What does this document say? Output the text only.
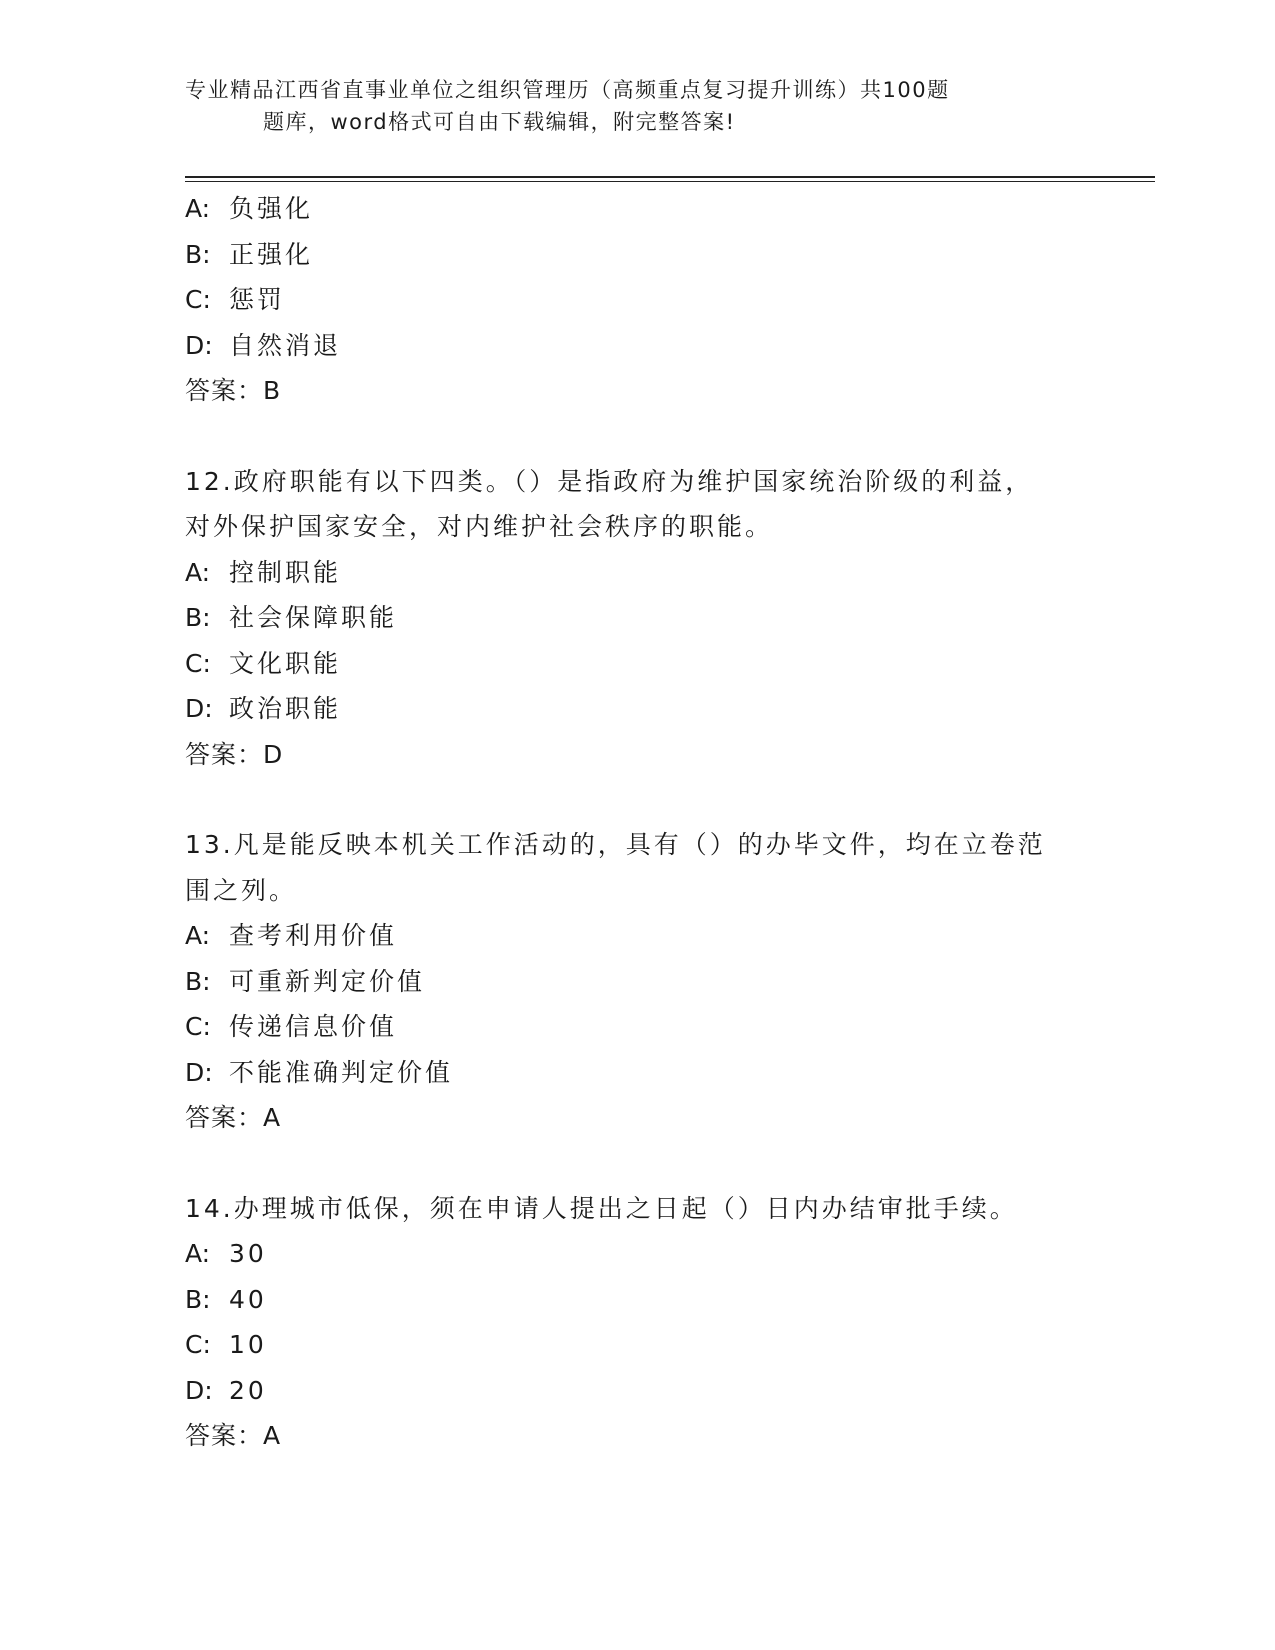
专业精品江西省直事业单位之组织管理历（高频重点复习提升训练）共100题
题库，word格式可自由下载编辑，附完整答案!
A: 负强化
B: 正强化
C: 惩罚
D: 自然消退
答案：B
12.政府职能有以下四类。（）是指政府为维护国家统治阶级的利益，
对外保护国家安全，对内维护社会秩序的职能。
A: 控制职能
B: 社会保障职能
C: 文化职能
D: 政治职能
答案：D
13.凡是能反映本机关工作活动的，具有（）的办毕文件，均在立卷范
围之列。
A: 查考利用价值
B: 可重新判定价值
C: 传递信息价值
D: 不能准确判定价值
答案：A
14.办理城市低保，须在申请人提出之日起（）日内办结审批手续。
A: 30
B: 40
C: 10
D: 20
答案：A
